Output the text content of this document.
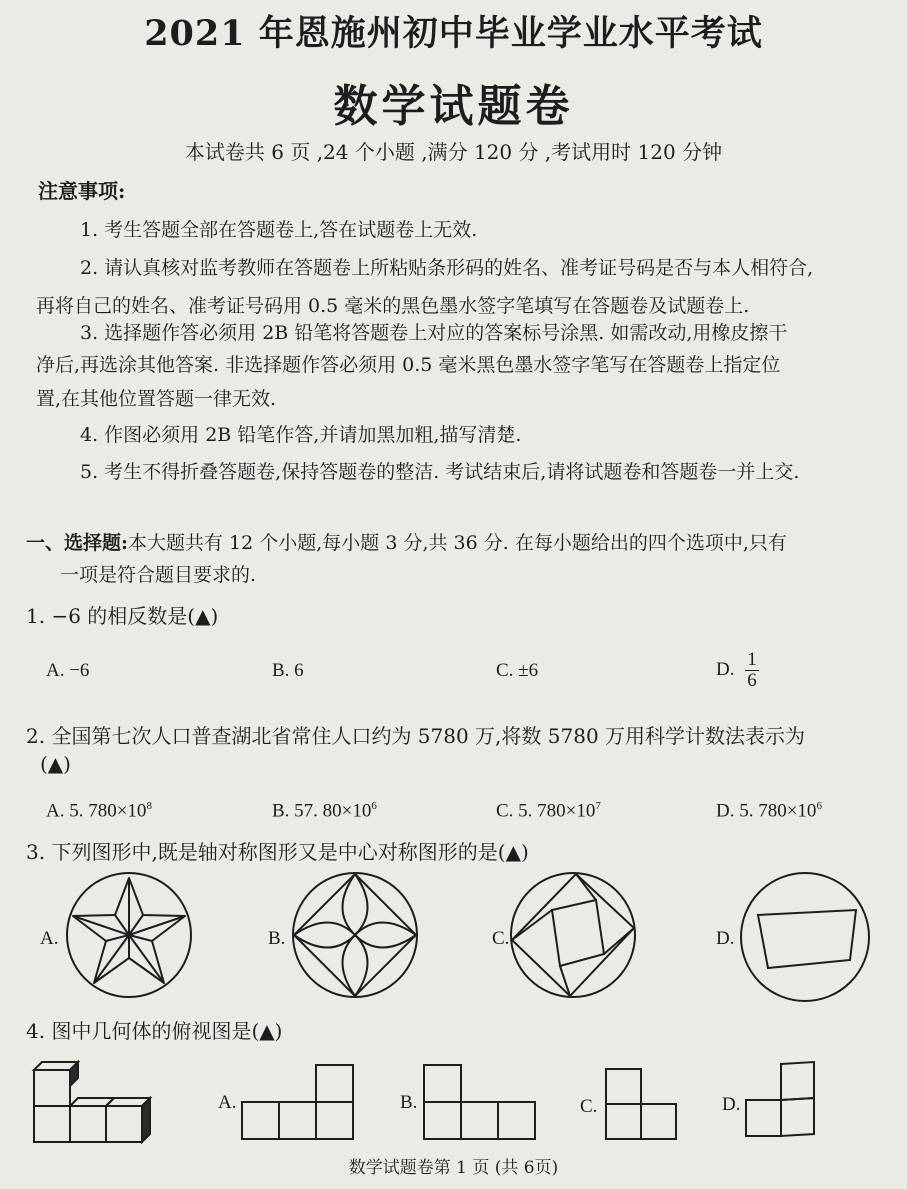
2021 年恩施州初中毕业学业水平考试
数学试题卷
本试卷共 6 页 ,24 个小题 ,满分 120 分 ,考试用时 120 分钟
注意事项:
1. 考生答题全部在答题卷上,答在试题卷上无效.
2. 请认真核对监考教师在答题卷上所粘贴条形码的姓名、准考证号码是否与本人相符合,
再将自己的姓名、准考证号码用 0.5 毫米的黑色墨水签字笔填写在答题卷及试题卷上.
3. 选择题作答必须用 2B 铅笔将答题卷上对应的答案标号涂黑. 如需改动,用橡皮擦干
净后,再选涂其他答案. 非选择题作答必须用 0.5 毫米黑色墨水签字笔写在答题卷上指定位
置,在其他位置答题一律无效.
4. 作图必须用 2B 铅笔作答,并请加黑加粗,描写清楚.
5. 考生不得折叠答题卷,保持答题卷的整洁. 考试结束后,请将试题卷和答题卷一并上交.
一、选择题:本大题共有 12 个小题,每小题 3 分,共 36 分. 在每小题给出的四个选项中,只有
一项是符合题目要求的.
1. −6 的相反数是(▲)
A. −6	B. 6	C. ±6	D. $\frac{1}{6}$
2. 全国第七次人口普查湖北省常住人口约为 5780 万,将数 5780 万用科学计数法表示为
(▲)
A. 5. $780\times 10^8$	B. 57. $80\times 10^6$	C. 5. $780\times 10^7$	D. 5. $780\times 10^6$
3. 下列图形中,既是轴对称图形又是中心对称图形的是(▲)
A.	B.	C.	D.
4. 图中几何体的俯视图是(▲)
A.	B.	C.	D.
数学试题卷第 1 页 (共 6页)
